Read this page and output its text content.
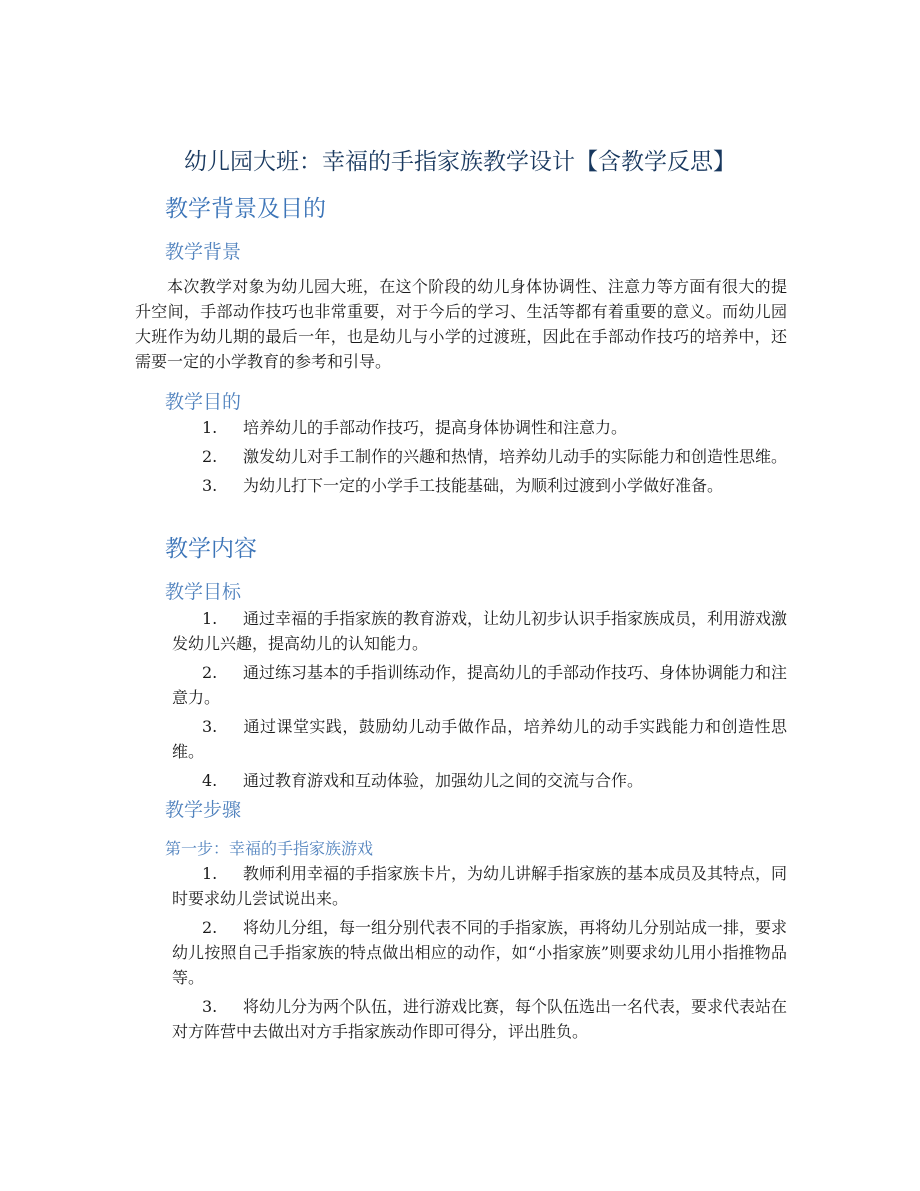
幼儿园大班：幸福的手指家族教学设计【含教学反思】
教学背景及目的
教学背景
本次教学对象为幼儿园大班，在这个阶段的幼儿身体协调性、注意力等方面有很大的提升空间，手部动作技巧也非常重要，对于今后的学习、生活等都有着重要的意义。而幼儿园大班作为幼儿期的最后一年，也是幼儿与小学的过渡班，因此在手部动作技巧的培养中，还需要一定的小学教育的参考和引导。
教学目的
1. 培养幼儿的手部动作技巧，提高身体协调性和注意力。
2. 激发幼儿对手工制作的兴趣和热情，培养幼儿动手的实际能力和创造性思维。
3. 为幼儿打下一定的小学手工技能基础，为顺利过渡到小学做好准备。
教学内容
教学目标
1. 通过幸福的手指家族的教育游戏，让幼儿初步认识手指家族成员，利用游戏激发幼儿兴趣，提高幼儿的认知能力。
2. 通过练习基本的手指训练动作，提高幼儿的手部动作技巧、身体协调能力和注意力。
3. 通过课堂实践，鼓励幼儿动手做作品，培养幼儿的动手实践能力和创造性思维。
4. 通过教育游戏和互动体验，加强幼儿之间的交流与合作。
教学步骤
第一步：幸福的手指家族游戏
1. 教师利用幸福的手指家族卡片，为幼儿讲解手指家族的基本成员及其特点，同时要求幼儿尝试说出来。
2. 将幼儿分组，每一组分别代表不同的手指家族，再将幼儿分别站成一排，要求幼儿按照自己手指家族的特点做出相应的动作，如“小指家族”则要求幼儿用小指推物品等。
3. 将幼儿分为两个队伍，进行游戏比赛，每个队伍选出一名代表，要求代表站在对方阵营中去做出对方手指家族动作即可得分，评出胜负。
